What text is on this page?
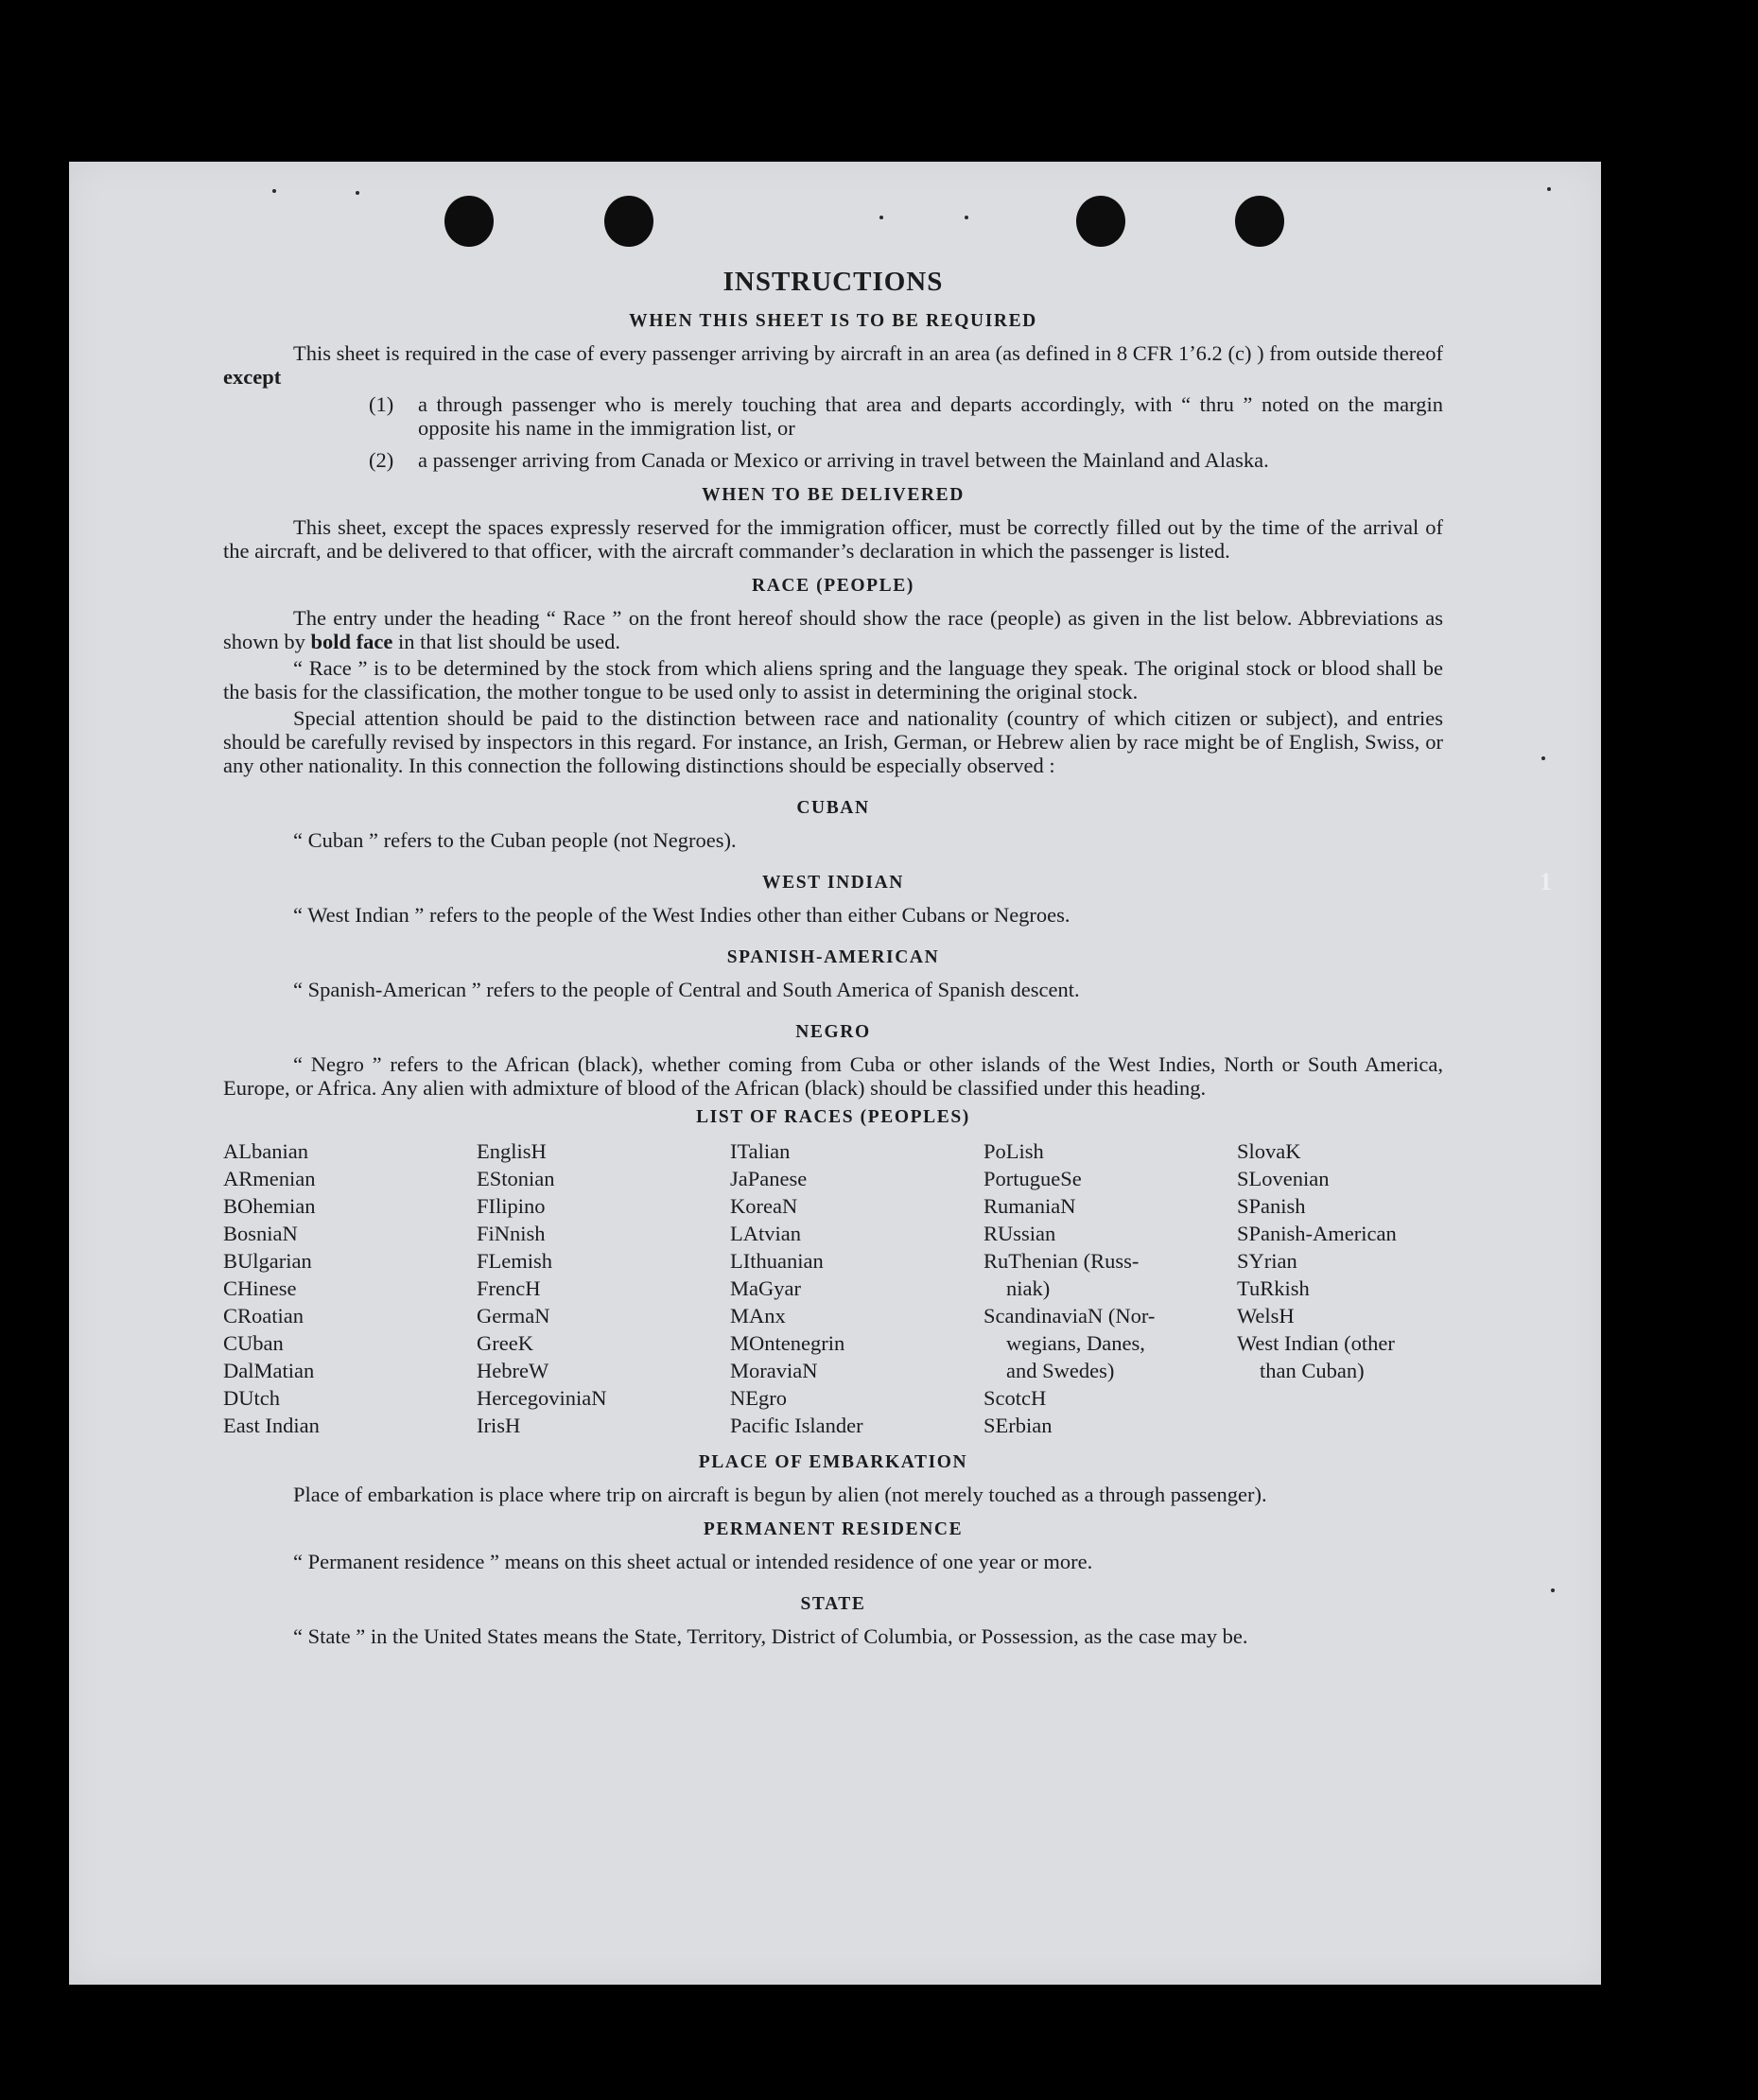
1
INSTRUCTIONS
WHEN THIS SHEET IS TO BE REQUIRED

This sheet is required in the case of every passenger arriving by aircraft in an area (as defined in 8 CFR 1ʼ6.2 (c) ) from outside thereof except

(1)	a through passenger who is merely touching that area and departs accordingly, with “ thru ” noted on the margin opposite his name in the immigration list, or
(2)	a passenger arriving from Canada or Mexico or arriving in travel between the Mainland and Alaska.
WHEN TO BE DELIVERED

This sheet, except the spaces expressly reserved for the immigration officer, must be correctly filled out by the time of the arrival of the aircraft, and be delivered to that officer, with the aircraft commander’s declaration in which the passenger is listed.

RACE (PEOPLE)

The entry under the heading “ Race ” on the front hereof should show the race (people) as given in the list below. Abbreviations as shown by bold face in that list should be used.

“ Race ” is to be determined by the stock from which aliens spring and the language they speak. The original stock or blood shall be the basis for the classification, the mother tongue to be used only to assist in determining the original stock.

Special attention should be paid to the distinction between race and nationality (country of which citizen or subject), and entries should be carefully revised by inspectors in this regard. For instance, an Irish, German, or Hebrew alien by race might be of English, Swiss, or any other nationality. In this connection the following distinctions should be especially observed :

CUBAN

“ Cuban ” refers to the Cuban people (not Negroes).

WEST INDIAN

“ West Indian ” refers to the people of the West Indies other than either Cubans or Negroes.

SPANISH-AMERICAN

“ Spanish-American ” refers to the people of Central and South America of Spanish descent.

NEGRO

“ Negro ” refers to the African (black), whether coming from Cuba or other islands of the West Indies, North or South America, Europe, or Africa. Any alien with admixture of blood of the African (black) should be classified under this heading.

LIST OF RACES (PEOPLES)
ALbanian
ARmenian
BOhemian
BosniaN
BUlgarian
CHinese
CRoatian
CUban
DalMatian
DUtch
East Indian
EnglisH
EStonian
FIlipino
FiNnish
FLemish
FrencH
GermaN
GreeK
HebreW
HercegoviniaN
IrisH
ITalian
JaPanese
KoreaN
LAtvian
LIthuanian
MaGyar
MAnx
MOntenegrin
MoraviaN
NEgro
Pacific Islander
PoLish
PortugueSe
RumaniaN
RUssian
RuThenian (Russ-
niak)
ScandinaviaN (Nor-
wegians, Danes,
and Swedes)
ScotcH
SErbian
SlovaK
SLovenian
SPanish
SPanish-American
SYrian
TuRkish
WelsH
West Indian (other
than Cuban)
PLACE OF EMBARKATION

Place of embarkation is place where trip on aircraft is begun by alien (not merely touched as a through passenger).

PERMANENT RESIDENCE

“ Permanent residence ” means on this sheet actual or intended residence of one year or more.

STATE

“ State ” in the United States means the State, Territory, District of Columbia, or Possession, as the case may be.
